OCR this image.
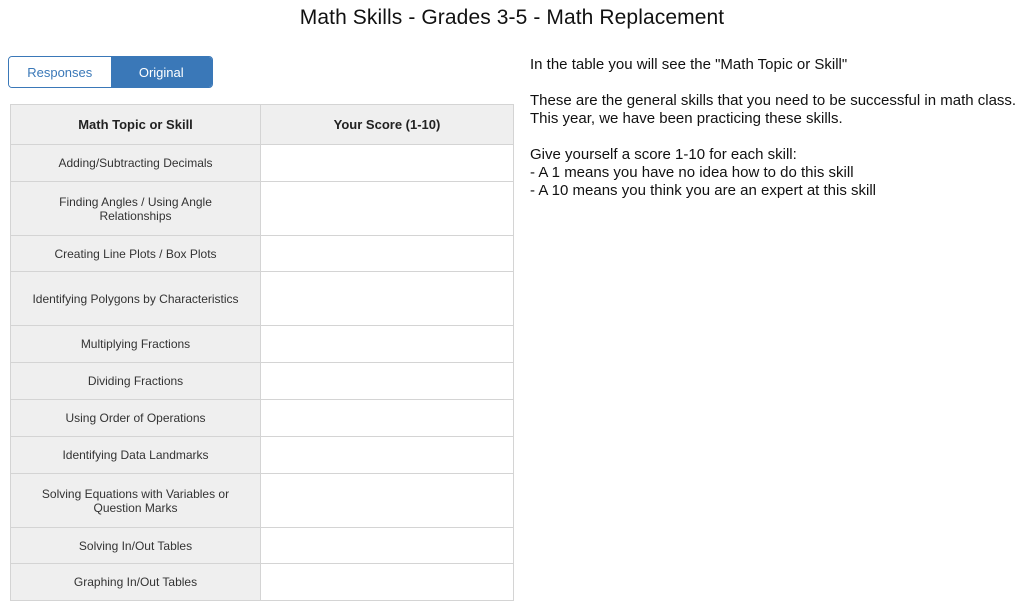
Math Skills - Grades 3-5 - Math Replacement
Responses	Original
Math Topic or Skill	Your Score (1-10)
Adding/Subtracting Decimals	
Finding Angles / Using Angle Relationships	
Creating Line Plots / Box Plots	
Identifying Polygons by Characteristics	
Multiplying Fractions	
Dividing Fractions	
Using Order of Operations	
Identifying Data Landmarks	
Solving Equations with Variables or Question Marks	
Solving In/Out Tables	
Graphing In/Out Tables	

In the table you will see the "Math Topic or Skill"

These are the general skills that you need to be successful in math class. This year, we have been practicing these skills.

Give yourself a score 1-10 for each skill:

- A 1 means you have no idea how to do this skill

- A 10 means you think you are an expert at this skill
